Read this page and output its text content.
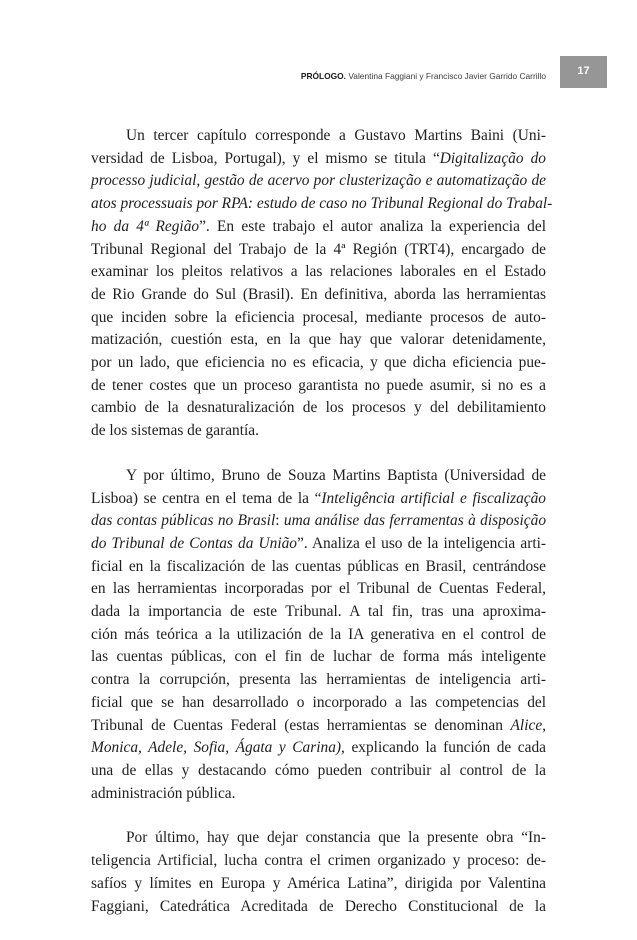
PRÓLOGO. Valentina Faggiani y Francisco Javier Garrido Carrillo	17

Un tercer capítulo corresponde a Gustavo Martins Baini (Uni-
versidad de Lisboa, Portugal), y el mismo se titula “Digitalização do
processo judicial, gestão de acervo por clusterização e automatização de
atos processuais por RPA: estudo de caso no Tribunal Regional do Trabal-
ho da 4ª Região”. En este trabajo el autor analiza la experiencia del
Tribunal Regional del Trabajo de la 4ª Región (TRT4), encargado de
examinar los pleitos relativos a las relaciones laborales en el Estado
de Rio Grande do Sul (Brasil). En definitiva, aborda las herramientas
que inciden sobre la eficiencia procesal, mediante procesos de auto-
matización, cuestión esta, en la que hay que valorar detenidamente,
por un lado, que eficiencia no es eficacia, y que dicha eficiencia pue-
de tener costes que un proceso garantista no puede asumir, si no es a
cambio de la desnaturalización de los procesos y del debilitamiento
de los sistemas de garantía.

Y por último, Bruno de Souza Martins Baptista (Universidad de
Lisboa) se centra en el tema de la “Inteligência artificial e fiscalização
das contas públicas no Brasil: uma análise das ferramentas à disposição
do Tribunal de Contas da União”. Analiza el uso de la inteligencia arti-
ficial en la fiscalización de las cuentas públicas en Brasil, centrándose
en las herramientas incorporadas por el Tribunal de Cuentas Federal,
dada la importancia de este Tribunal. A tal fin, tras una aproxima-
ción más teórica a la utilización de la IA generativa en el control de
las cuentas públicas, con el fin de luchar de forma más inteligente
contra la corrupción, presenta las herramientas de inteligencia arti-
ficial que se han desarrollado o incorporado a las competencias del
Tribunal de Cuentas Federal (estas herramientas se denominan Alice,
Monica, Adele, Sofia, Ágata y Carina), explicando la función de cada
una de ellas y destacando cómo pueden contribuir al control de la
administración pública.

Por último, hay que dejar constancia que la presente obra “In-
teligencia Artificial, lucha contra el crimen organizado y proceso: de-
safíos y límites en Europa y América Latina”, dirigida por Valentina
Faggiani, Catedrática Acreditada de Derecho Constitucional de la
